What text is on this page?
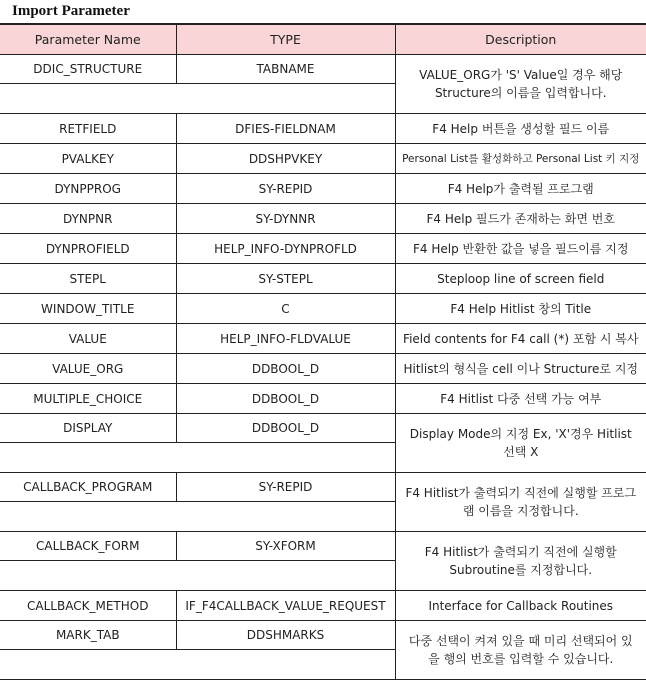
Import Parameter
Parameter Name	TYPE	Description
DDIC_STRUCTURE	TABNAME	VALUE_ORG가 'S' Value일 경우 해당 Structure의 이름을 입력합니다.

RETFIELD	DFIES-FIELDNAM	F4 Help 버튼을 생성할 필드 이름
PVALKEY	DDSHPVKEY	Personal List를 활성화하고 Personal List 키 지정
DYNPPROG	SY-REPID	F4 Help가 출력될 프로그램
DYNPNR	SY-DYNNR	F4 Help 필드가 존재하는 화면 번호
DYNPROFIELD	HELP_INFO-DYNPROFLD	F4 Help 반환한 값을 넣을 필드이름 지정
STEPL	SY-STEPL	Steploop line of screen field
WINDOW_TITLE	C	F4 Help Hitlist 창의 Title
VALUE	HELP_INFO-FLDVALUE	Field contents for F4 call (*) 포함 시 복사
VALUE_ORG	DDBOOL_D	Hitlist의 형식을 cell 이나 Structure로 지정
MULTIPLE_CHOICE	DDBOOL_D	F4 Hitlist 다중 선택 가능 여부
DISPLAY	DDBOOL_D	Display Mode의 지정 Ex, 'X'경우 Hitlist 선택 X

CALLBACK_PROGRAM	SY-REPID	F4 Hitlist가 출력되기 직전에 실행할 프로그램 이름을 지정합니다.

CALLBACK_FORM	SY-XFORM	F4 Hitlist가 출력되기 직전에 실행할 Subroutine를 지정합니다.

CALLBACK_METHOD	IF_F4CALLBACK_VALUE_REQUEST	Interface for Callback Routines
MARK_TAB	DDSHMARKS	다중 선택이 켜져 있을 때 미리 선택되어 있을 행의 번호를 입력할 수 있습니다.
